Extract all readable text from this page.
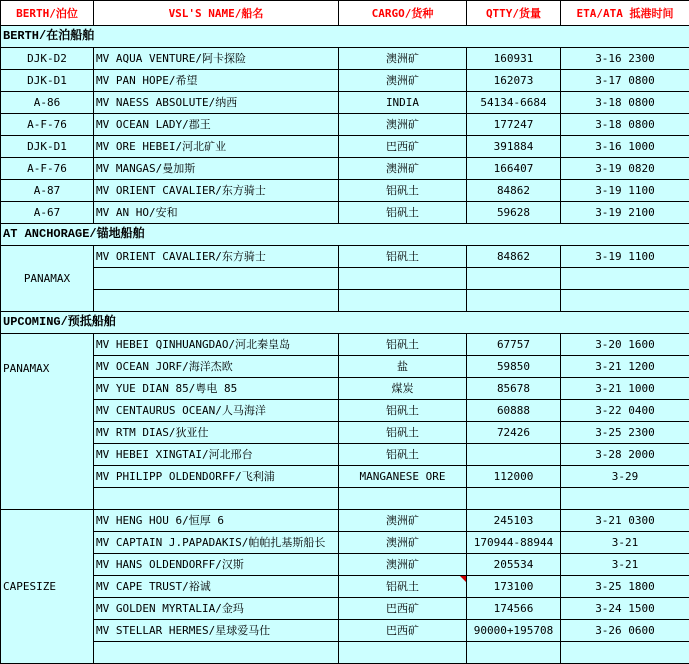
BERTH/泊位	VSL'S NAME/船名	CARGO/货种	QTTY/货量	ETA/ATA 抵港时间
BERTH/在泊船舶				
DJK-D2	MV AQUA VENTURE/阿卡探险	澳洲矿	160931	3-16 2300
DJK-D1	MV PAN HOPE/希望	澳洲矿	162073	3-17 0800
A-86	MV NAESS ABSOLUTE/纳西	INDIA	54134-6684	3-18 0800
A-F-76	MV OCEAN LADY/郡王	澳洲矿	177247	3-18 0800
DJK-D1	MV ORE HEBEI/河北矿业	巴西矿	391884	3-16 1000
A-F-76	MV MANGAS/曼加斯	澳洲矿	166407	3-19 0820
A-87	MV ORIENT CAVALIER/东方骑士	铝矾土	84862	3-19 1100
A-67	MV AN HO/安和	铝矾土	59628	3-19 2100
AT ANCHORAGE/锚地船舶				
PANAMAX	MV ORIENT CAVALIER/东方骑士	铝矾土	84862	3-19 1100

UPCOMING/预抵船舶				
PANAMAX	MV HEBEI QINHUANGDAO/河北秦皇岛	铝矾土	67757	3-20 1600
	MV OCEAN JORF/海洋杰欧	盐	59850	3-21 1200
	MV YUE DIAN 85/粤电 85	煤炭	85678	3-21 1000
	MV CENTAURUS OCEAN/人马海洋	铝矾土	60888	3-22 0400
	MV RTM DIAS/狄亚仕	铝矾土	72426	3-25 2300
	MV HEBEI XINGTAI/河北邢台	铝矾土		3-28 2000
	MV PHILIPP OLDENDORFF/飞利浦	MANGANESE ORE	112000	3-29

CAPESIZE	MV HENG HOU 6/恒厚 6	澳洲矿	245103	3-21 0300
	MV CAPTAIN J.PAPADAKIS/帕帕扎基斯船长	澳洲矿	170944-88944	3-21
	MV HANS OLDENDORFF/汉斯	澳洲矿	205534	3-21
	MV CAPE TRUST/裕诚	铝矾土	173100	3-25 1800
	MV GOLDEN MYRTALIA/金玛	巴西矿	174566	3-24 1500
	MV STELLAR HERMES/星球爱马仕	巴西矿	90000+195708	3-26 0600
